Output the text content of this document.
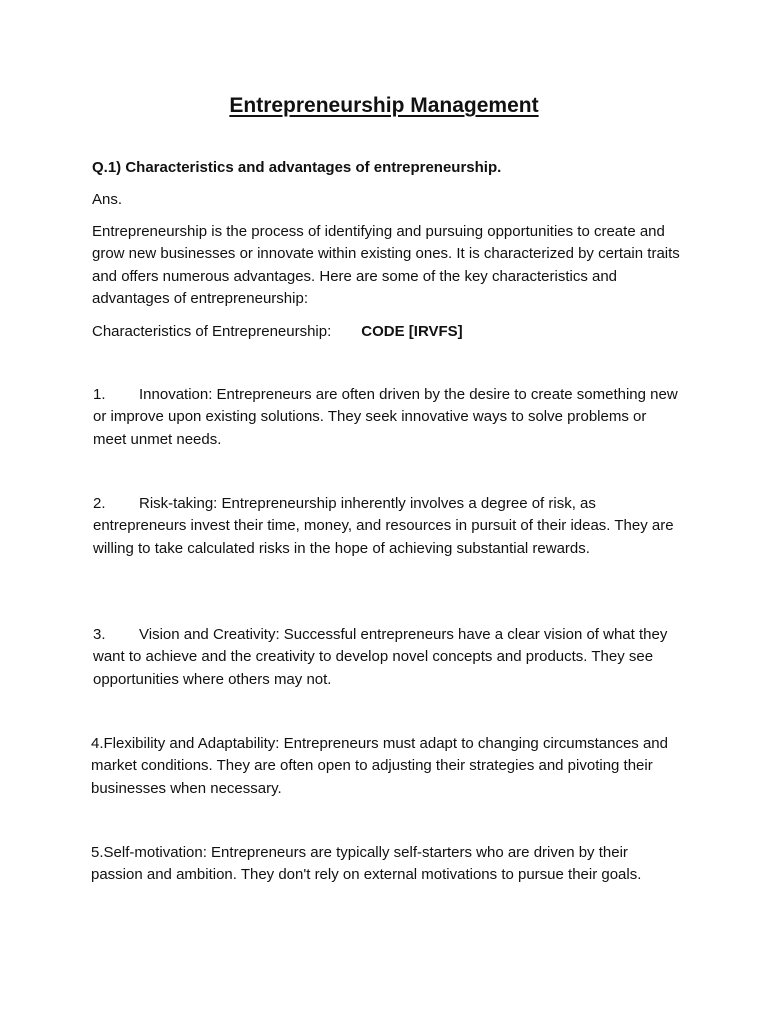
Entrepreneurship Management

Q.1) Characteristics and advantages of entrepreneurship.

Ans.

Entrepreneurship is the process of identifying and pursuing opportunities to create and grow new businesses or innovate within existing ones. It is characterized by certain traits and offers numerous advantages. Here are some of the key characteristics and advantages of entrepreneurship:

Characteristics of Entrepreneurship: CODE [IRVFS]

1. Innovation: Entrepreneurs are often driven by the desire to create something new or improve upon existing solutions. They seek innovative ways to solve problems or meet unmet needs.

2. Risk-taking: Entrepreneurship inherently involves a degree of risk, as entrepreneurs invest their time, money, and resources in pursuit of their ideas. They are willing to take calculated risks in the hope of achieving substantial rewards.

3. Vision and Creativity: Successful entrepreneurs have a clear vision of what they want to achieve and the creativity to develop novel concepts and products. They see opportunities where others may not.

4.Flexibility and Adaptability: Entrepreneurs must adapt to changing circumstances and market conditions. They are often open to adjusting their strategies and pivoting their businesses when necessary.

5.Self-motivation: Entrepreneurs are typically self-starters who are driven by their passion and ambition. They don't rely on external motivations to pursue their goals.
